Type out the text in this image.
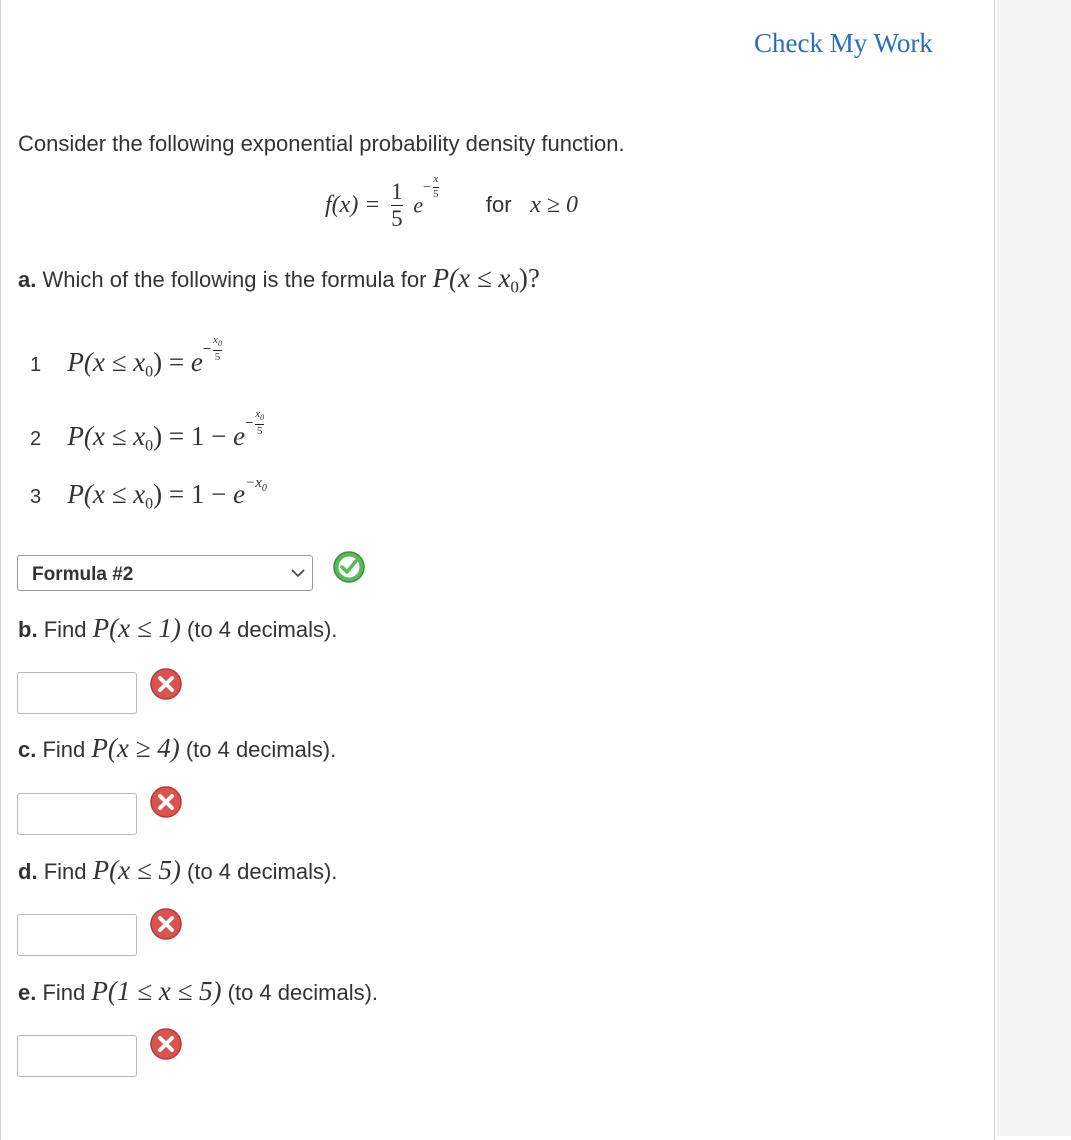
Check My Work
Consider the following exponential probability density function.
$f(x) = \frac{1}{5} e- \frac{x}{5}$
for x ≥ 0
a. Which of the following is the formula for $P(x \le x_0)$?
1 $P(x \le x_0) = e- \frac{x_0}{5}$
2 $P(x \le x_0) = 1 - e- \frac{x_0}{5}$
3 $P(x \le x_0) = 1 - e-x_0$
Formula #2
b. Find P(x ≤ 1) (to 4 decimals).
c. Find P(x ≥ 4) (to 4 decimals).
d. Find P(x ≤ 5) (to 4 decimals).
e. Find P(1 ≤ x ≤ 5) (to 4 decimals).
